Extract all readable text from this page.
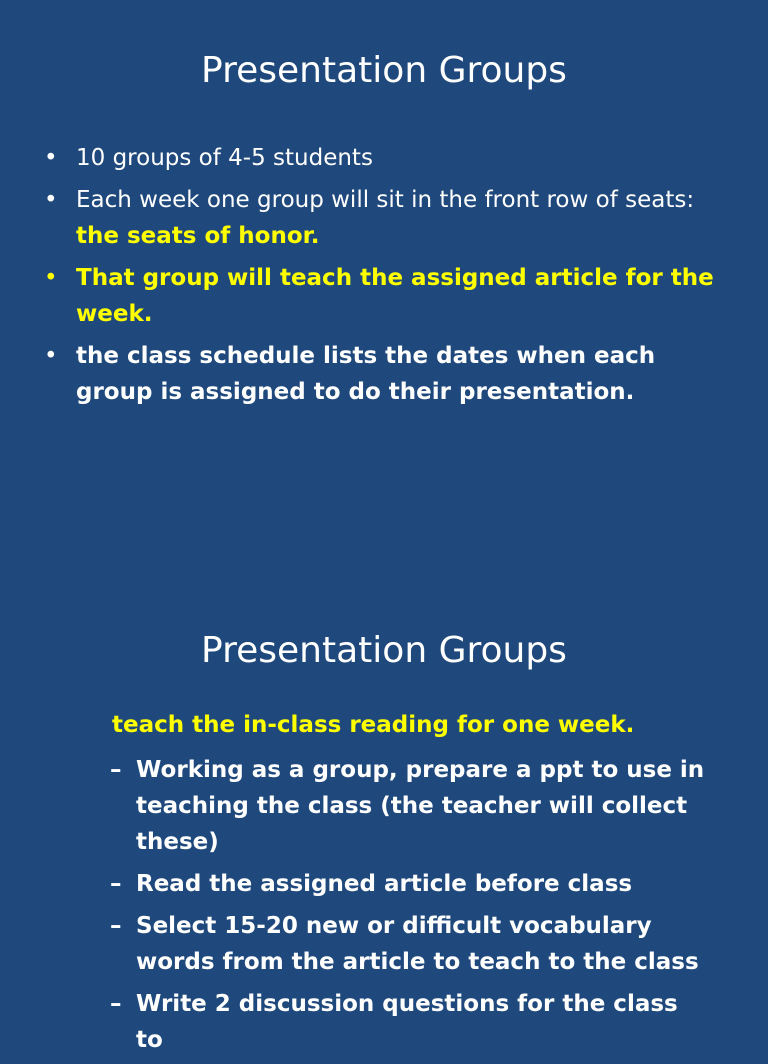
Presentation Groups
• 10 groups of 4-5 students
• Each week one group will sit in the front row of seats: the seats of honor.
• That group will teach the assigned article for the week.
• the class schedule lists the dates when each group is assigned to do their presentation.
Presentation Groups

teach the in-class reading for one week.

– Working as a group, prepare a ppt to use in teaching the class (the teacher will collect these)
– Read the assigned article before class
– Select 15-20 new or difficult vocabulary words from the article to teach to the class
– Write 2 discussion questions for the class to
